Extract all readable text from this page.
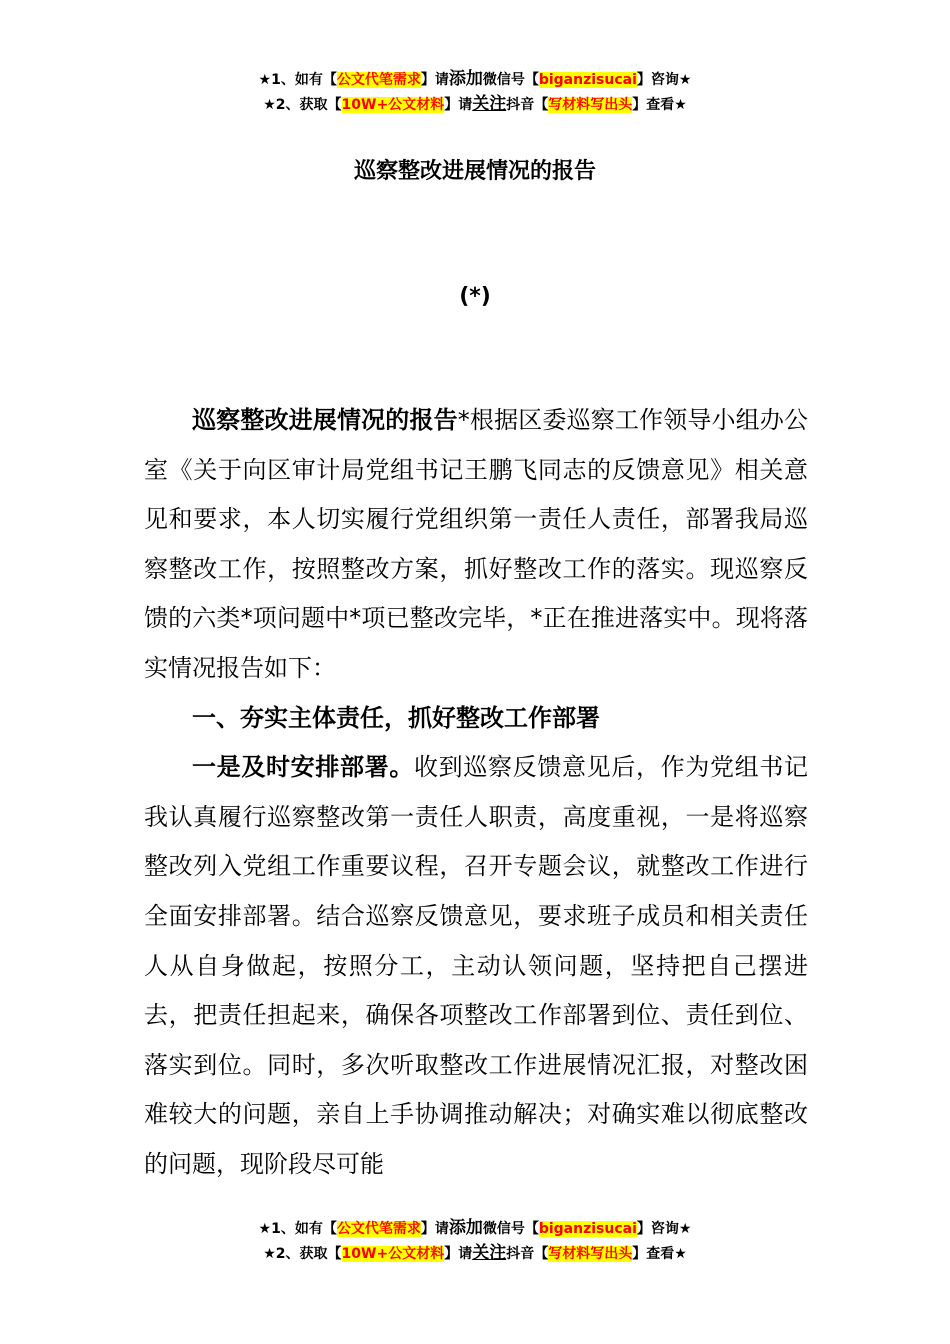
★1、如有【公文代笔需求】请添加微信号【biganzisucai】咨询★
★2、获取【10W+公文材料】请关注抖音【写材料写出头】查看★
巡察整改进展情况的报告
(*)

巡察整改进展情况的报告*根据区委巡察工作领导小组办公室《关于向区审计局党组书记王鹏飞同志的反馈意见》相关意见和要求，本人切实履行党组织第一责任人责任，部署我局巡察整改工作，按照整改方案，抓好整改工作的落实。现巡察反馈的六类*项问题中*项已整改完毕，*正在推进落实中。现将落实情况报告如下：

一、夯实主体责任，抓好整改工作部署

一是及时安排部署。收到巡察反馈意见后，作为党组书记我认真履行巡察整改第一责任人职责，高度重视，一是将巡察整改列入党组工作重要议程，召开专题会议，就整改工作进行全面安排部署。结合巡察反馈意见，要求班子成员和相关责任人从自身做起，按照分工，主动认领问题，坚持把自己摆进去，把责任担起来，确保各项整改工作部署到位、责任到位、落实到位。同时，多次听取整改工作进展情况汇报，对整改困难较大的问题，亲自上手协调推动解决；对确实难以彻底整改的问题，现阶段尽可能

★1、如有【公文代笔需求】请添加微信号【biganzisucai】咨询★
★2、获取【10W+公文材料】请关注抖音【写材料写出头】查看★
